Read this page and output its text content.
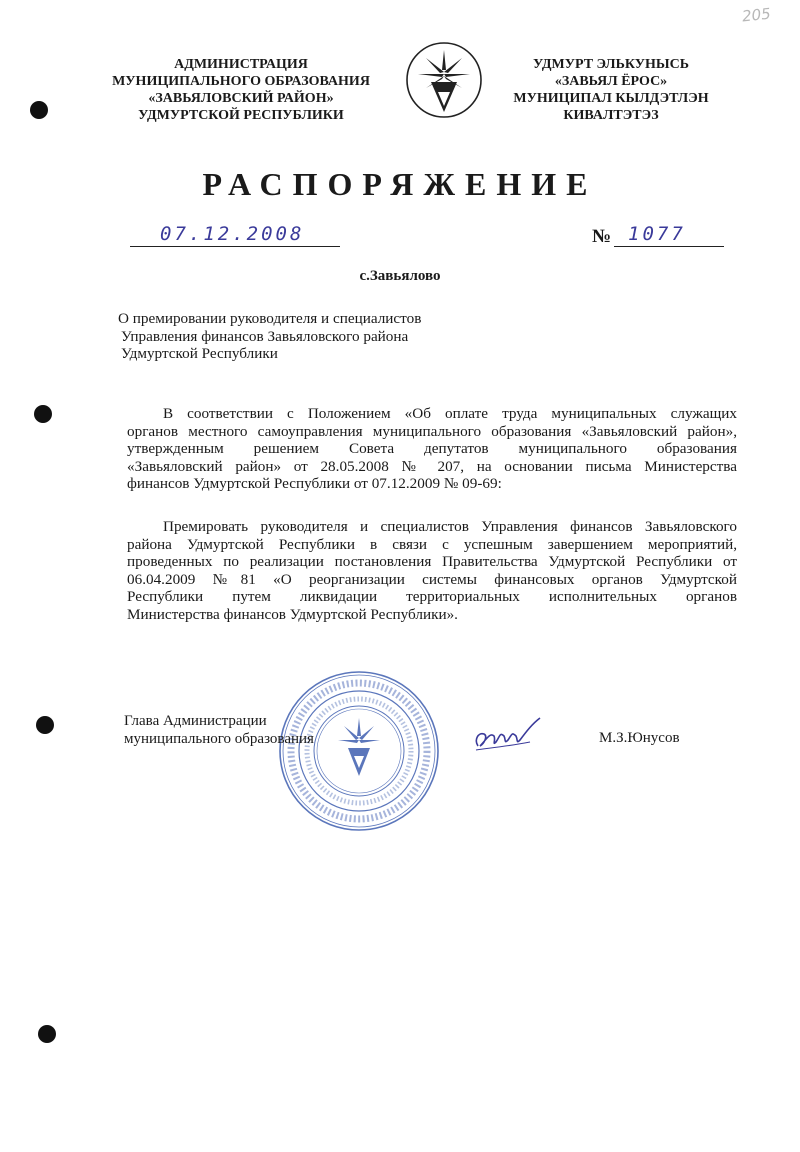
205
АДМИНИСТРАЦИЯ
МУНИЦИПАЛЬНОГО ОБРАЗОВАНИЯ
«ЗАВЬЯЛОВСКИЙ РАЙОН»
УДМУРТСКОЙ РЕСПУБЛИКИ
УДМУРТ ЭЛЬКУНЫСЬ
«ЗАВЬЯЛ ЁРОС»
МУНИЦИПАЛ КЫЛДЭТЛЭН
КИВАЛТЭТЭЗ
РАСПОРЯЖЕНИЕ
07.12.2008	№ 1077
с.Завьялово
О премировании руководителя и специалистов
Управления финансов Завьяловского района
Удмуртской Республики
В соответствии с Положением «Об оплате труда муниципальных служащих
органов местного самоуправления муниципального образования «Завьяловский район»,
утвержденным решением Совета депутатов муниципального образования
«Завьяловский район» от 28.05.2008 № 207, на основании письма Министерства
финансов Удмуртской Республики от 07.12.2009 № 09-69:
Премировать руководителя и специалистов Управления финансов Завьяловского
района Удмуртской Республики в связи с успешным завершением мероприятий,
проведенных по реализации постановления Правительства Удмуртской Республики от
06.04.2009 №81 «О реорганизации системы финансовых органов Удмуртской
Республики путем ликвидации территориальных исполнительных органов
Министерства финансов Удмуртской Республики».
Глава Администрации
муниципального образования	М.З.Юнусов
